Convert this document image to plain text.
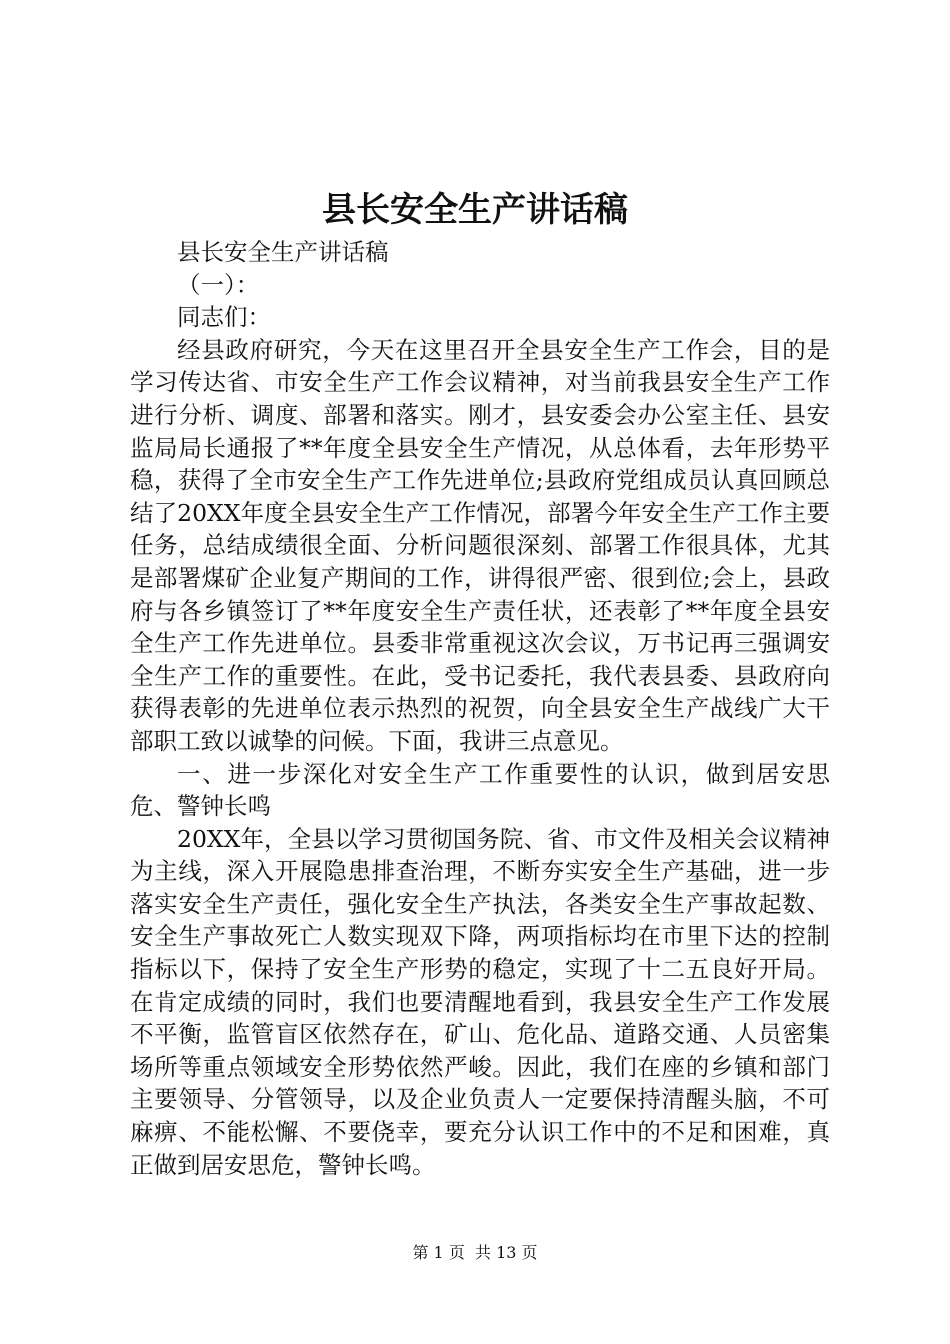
县长安全生产讲话稿

县长安全生产讲话稿

（一）：

同志们：

经县政府研究，今天在这里召开全县安全生产工作会，目的是学习传达省、市安全生产工作会议精神，对当前我县安全生产工作进行分析、调度、部署和落实。刚才，县安委会办公室主任、县安监局局长通报了**年度全县安全生产情况，从总体看，去年形势平稳，获得了全市安全生产工作先进单位;县政府党组成员认真回顾总结了20XX年度全县安全生产工作情况，部署今年安全生产工作主要任务，总结成绩很全面、分析问题很深刻、部署工作很具体，尤其是部署煤矿企业复产期间的工作，讲得很严密、很到位;会上，县政府与各乡镇签订了**年度安全生产责任状，还表彰了**年度全县安全生产工作先进单位。县委非常重视这次会议，万书记再三强调安全生产工作的重要性。在此，受书记委托，我代表县委、县政府向获得表彰的先进单位表示热烈的祝贺，向全县安全生产战线广大干部职工致以诚挚的问候。下面，我讲三点意见。

一、进一步深化对安全生产工作重要性的认识，做到居安思危、警钟长鸣

20XX年，全县以学习贯彻国务院、省、市文件及相关会议精神为主线，深入开展隐患排查治理，不断夯实安全生产基础，进一步落实安全生产责任，强化安全生产执法，各类安全生产事故起数、安全生产事故死亡人数实现双下降，两项指标均在市里下达的控制指标以下，保持了安全生产形势的稳定，实现了十二五良好开局。在肯定成绩的同时，我们也要清醒地看到，我县安全生产工作发展不平衡，监管盲区依然存在，矿山、危化品、道路交通、人员密集场所等重点领域安全形势依然严峻。因此，我们在座的乡镇和部门主要领导、分管领导，以及企业负责人一定要保持清醒头脑，不可麻痹、不能松懈、不要侥幸，要充分认识工作中的不足和困难，真正做到居安思危，警钟长鸣。

第 1 页  共 13 页
